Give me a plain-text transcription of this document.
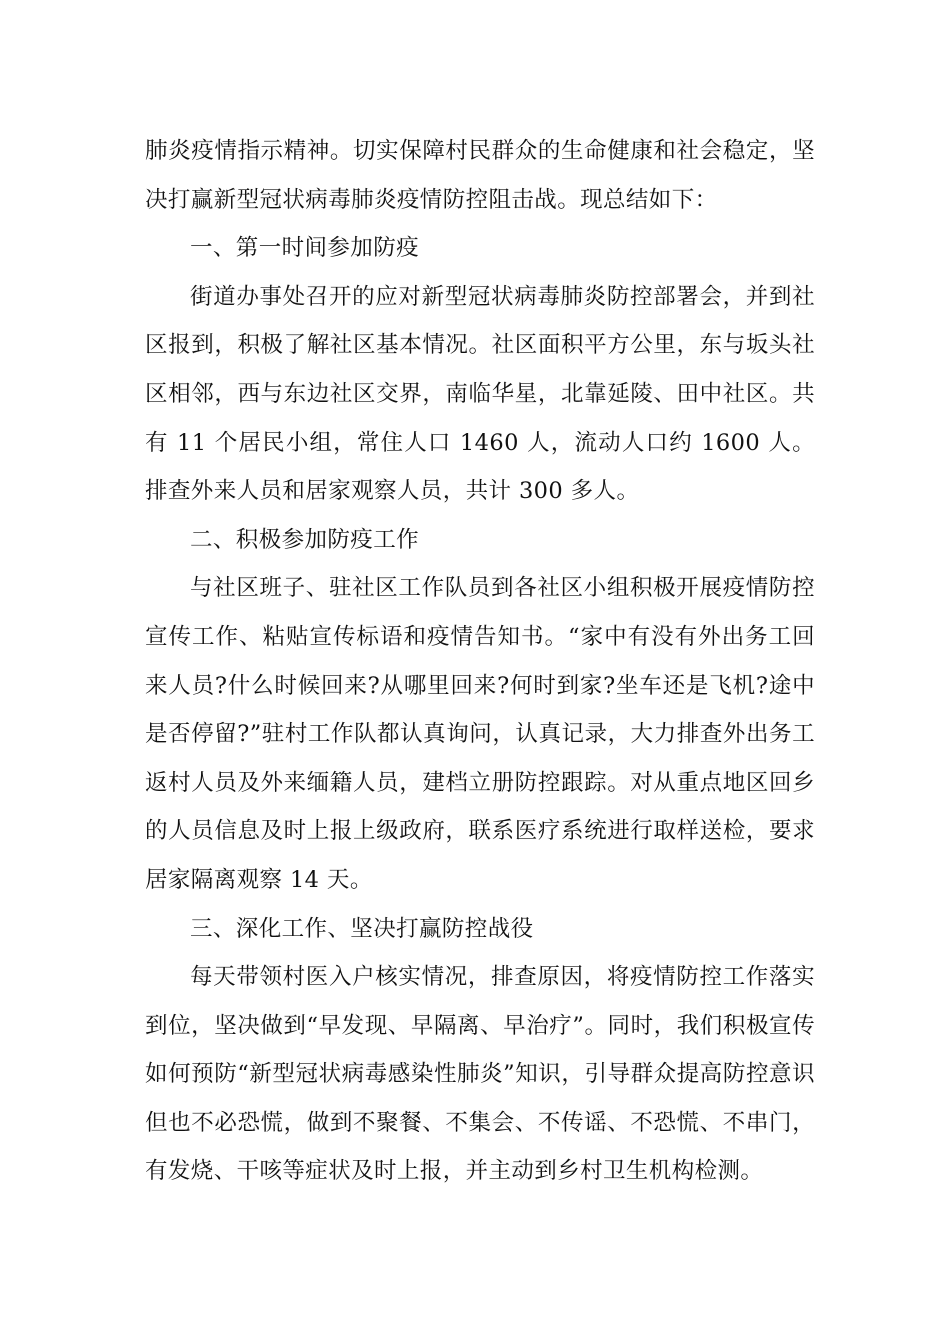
肺炎疫情指示精神。切实保障村民群众的生命健康和社会稳定，坚决打赢新型冠状病毒肺炎疫情防控阻击战。现总结如下：

一、第一时间参加防疫

街道办事处召开的应对新型冠状病毒肺炎防控部署会，并到社区报到，积极了解社区基本情况。社区面积平方公里，东与坂头社区相邻，西与东边社区交界，南临华星，北靠延陵、田中社区。共有 11 个居民小组，常住人口 1460 人，流动人口约 1600 人。排查外来人员和居家观察人员，共计 300 多人。

二、积极参加防疫工作

与社区班子、驻社区工作队员到各社区小组积极开展疫情防控宣传工作、粘贴宣传标语和疫情告知书。“家中有没有外出务工回来人员?什么时候回来?从哪里回来?何时到家?坐车还是飞机?途中是否停留?”驻村工作队都认真询问，认真记录，大力排查外出务工返村人员及外来缅籍人员，建档立册防控跟踪。对从重点地区回乡的人员信息及时上报上级政府，联系医疗系统进行取样送检，要求居家隔离观察 14 天。

三、深化工作、坚决打赢防控战役

每天带领村医入户核实情况，排查原因，将疫情防控工作落实到位，坚决做到“早发现、早隔离、早治疗”。同时，我们积极宣传如何预防“新型冠状病毒感染性肺炎”知识，引导群众提高防控意识但也不必恐慌，做到不聚餐、不集会、不传谣、不恐慌、不串门，有发烧、干咳等症状及时上报，并主动到乡村卫生机构检测。
